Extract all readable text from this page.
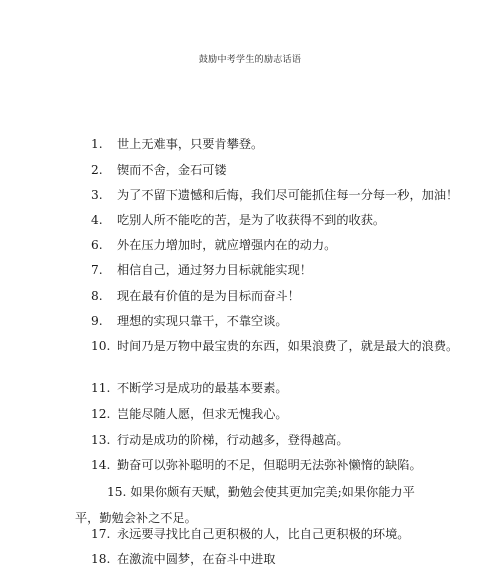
鼓励中考学生的励志话语
1. 世上无难事，只要肯攀登。
2. 锲而不舍，金石可镂
3. 为了不留下遗憾和后悔，我们尽可能抓住每一分每一秒，加油！
4. 吃别人所不能吃的苦，是为了收获得不到的收获。
6. 外在压力增加时，就应增强内在的动力。
7. 相信自己，通过努力目标就能实现！
8. 现在最有价值的是为目标而奋斗！
9. 理想的实现只靠干，不靠空谈。
10. 时间乃是万物中最宝贵的东西，如果浪费了，就是最大的浪费。
11. 不断学习是成功的最基本要素。
12. 岂能尽随人愿，但求无愧我心。
13. 行动是成功的阶梯，行动越多，登得越高。
14. 勤奋可以弥补聪明的不足，但聪明无法弥补懒惰的缺陷。
15. 如果你颇有天赋，勤勉会使其更加完美;如果你能力平平，勤勉会补之不足。
17. 永远要寻找比自己更积极的人，比自己更积极的环境。
18. 在激流中圆梦，在奋斗中进取
